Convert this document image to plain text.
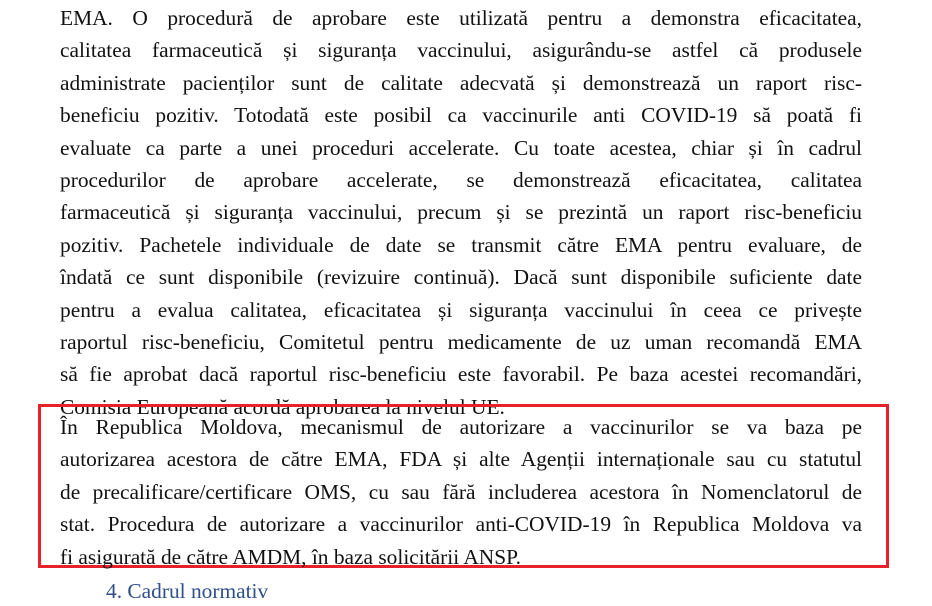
EMA. O procedură de aprobare este utilizată pentru a demonstra eficacitatea,
calitatea farmaceutică și siguranța vaccinului, asigurându-se astfel că produsele
administrate pacienților sunt de calitate adecvată și demonstrează un raport risc-
beneficiu pozitiv. Totodată este posibil ca vaccinurile anti COVID-19 să poată fi
evaluate ca parte a unei proceduri accelerate. Cu toate acestea, chiar și în cadrul
procedurilor de aprobare accelerate, se demonstrează eficacitatea, calitatea
farmaceutică și siguranța vaccinului, precum și se prezintă un raport risc-beneficiu
pozitiv. Pachetele individuale de date se transmit către EMA pentru evaluare, de
îndată ce sunt disponibile (revizuire continuă). Dacă sunt disponibile suficiente date
pentru a evalua calitatea, eficacitatea și siguranța vaccinului în ceea ce privește
raportul risc-beneficiu, Comitetul pentru medicamente de uz uman recomandă EMA
să fie aprobat dacă raportul risc-beneficiu este favorabil. Pe baza acestei recomandări,
Comisia Europeană acordă aprobarea la nivelul UE.
În Republica Moldova, mecanismul de autorizare a vaccinurilor se va baza pe
autorizarea acestora de către EMA, FDA și alte Agenții internaționale sau cu statutul
de precalificare/certificare OMS, cu sau fără includerea acestora în Nomenclatorul de
stat. Procedura de autorizare a vaccinurilor anti-COVID-19 în Republica Moldova va
fi asigurată de către AMDM, în baza solicitării ANSP.
4. Cadrul normativ
